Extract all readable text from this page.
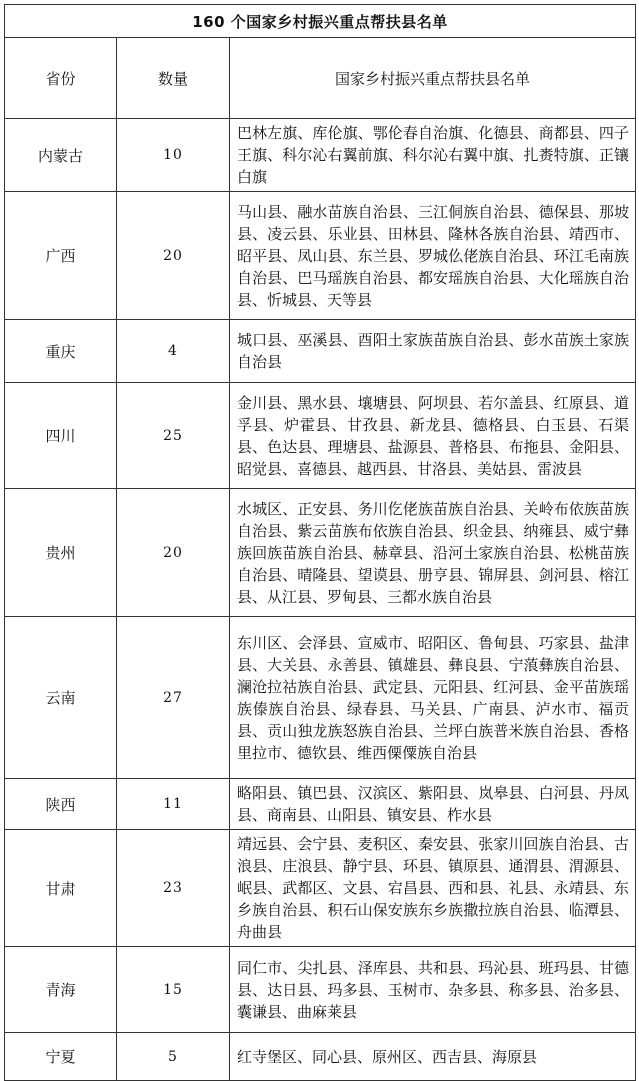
160 个国家乡村振兴重点帮扶县名单		
省份	数量	国家乡村振兴重点帮扶县名单
内蒙古	10	巴林左旗、库伦旗、鄂伦春自治旗、化德县、商都县、四子王旗、科尔沁右翼前旗、科尔沁右翼中旗、扎赉特旗、正镶白旗
广西	20	马山县、融水苗族自治县、三江侗族自治县、德保县、那坡县、凌云县、乐业县、田林县、隆林各族自治县、靖西市、昭平县、凤山县、东兰县、罗城仫佬族自治县、环江毛南族自治县、巴马瑶族自治县、都安瑶族自治县、大化瑶族自治县、忻城县、天等县
重庆	4	城口县、巫溪县、酉阳土家族苗族自治县、彭水苗族土家族自治县
四川	25	金川县、黑水县、壤塘县、阿坝县、若尔盖县、红原县、道孚县、炉霍县、甘孜县、新龙县、德格县、白玉县、石渠县、色达县、理塘县、盐源县、普格县、布拖县、金阳县、昭觉县、喜德县、越西县、甘洛县、美姑县、雷波县
贵州	20	水城区、正安县、务川仡佬族苗族自治县、关岭布依族苗族自治县、紫云苗族布依族自治县、织金县、纳雍县、威宁彝族回族苗族自治县、赫章县、沿河土家族自治县、松桃苗族自治县、晴隆县、望谟县、册亨县、锦屏县、剑河县、榕江县、从江县、罗甸县、三都水族自治县
云南	27	东川区、会泽县、宣威市、昭阳区、鲁甸县、巧家县、盐津县、大关县、永善县、镇雄县、彝良县、宁蒗彝族自治县、澜沧拉祜族自治县、武定县、元阳县、红河县、金平苗族瑶族傣族自治县、绿春县、马关县、广南县、泸水市、福贡县、贡山独龙族怒族自治县、兰坪白族普米族自治县、香格里拉市、德钦县、维西傈僳族自治县
陕西	11	略阳县、镇巴县、汉滨区、紫阳县、岚皋县、白河县、丹凤县、商南县、山阳县、镇安县、柞水县
甘肃	23	靖远县、会宁县、麦积区、秦安县、张家川回族自治县、古浪县、庄浪县、静宁县、环县、镇原县、通渭县、渭源县、岷县、武都区、文县、宕昌县、西和县、礼县、永靖县、东乡族自治县、积石山保安族东乡族撒拉族自治县、临潭县、舟曲县
青海	15	同仁市、尖扎县、泽库县、共和县、玛沁县、班玛县、甘德县、达日县、玛多县、玉树市、杂多县、称多县、治多县、囊谦县、曲麻莱县
宁夏	5	红寺堡区、同心县、原州区、西吉县、海原县
